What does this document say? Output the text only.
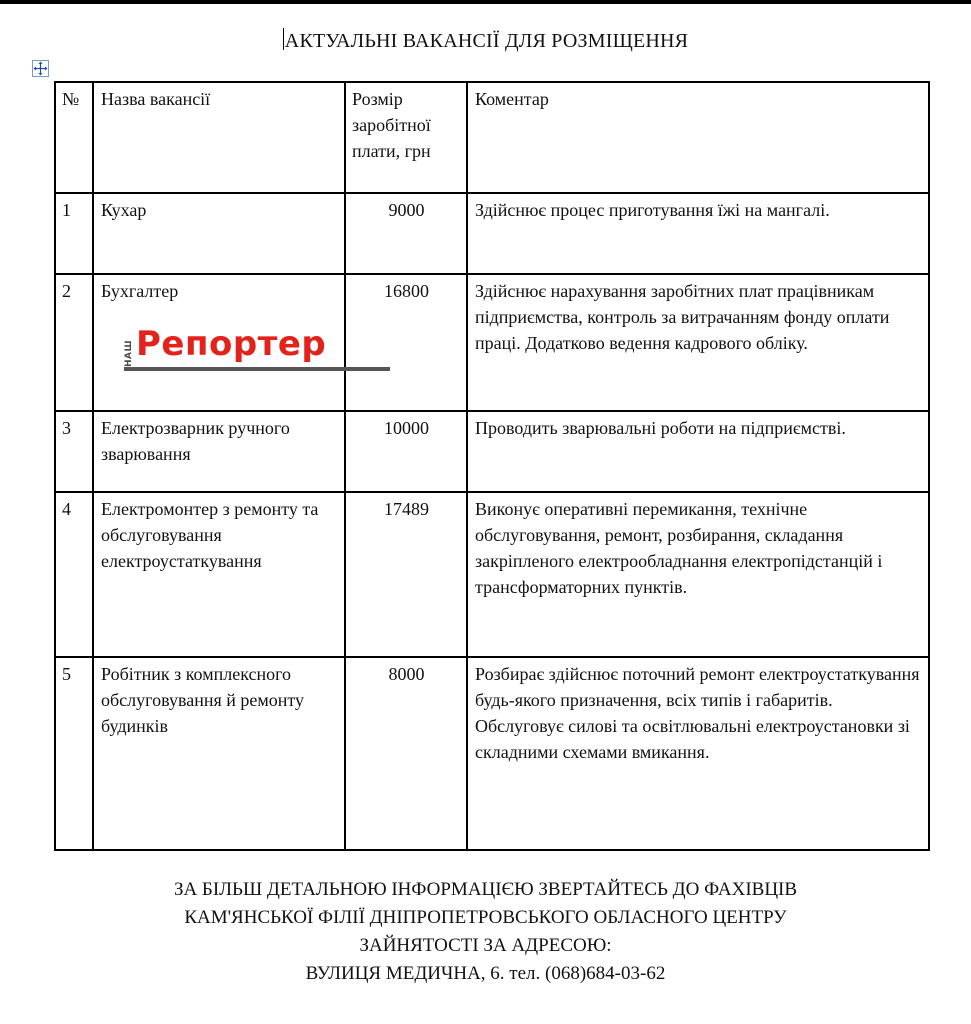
АКТУАЛЬНІ ВАКАНСІЇ ДЛЯ РОЗМІЩЕННЯ
№	Назва вакансії	Розмір заробітної плати, грн	Коментар
1	Кухар	9000	Здійснює процес приготування їжі на мангалі.
2	Бухгалтер	16800	Здійснює нарахування заробітних плат працівникам підприємства, контроль за витрачанням фонду оплати праці. Додатково ведення кадрового обліку.
3	Електрозварник ручного зварювання	10000	Проводить зварювальні роботи на підприємстві.
4	Електромонтер з ремонту та обслуговування електроустаткування	17489	Виконує оперативні перемикання, технічне обслуговування, ремонт, розбирання, складання закріпленого електрообладнання електропідстанцій і трансформаторних пунктів.
5	Робітник з комплексного обслуговування й ремонту будинків	8000	Розбирає здійснює поточний ремонт електроустаткування будь-якого призначення, всіх типів і габаритів. Обслуговує силові та освітлювальні електроустановки зі складними схемами вмикання.
НАШ Репортер
ЗА БІЛЬШ ДЕТАЛЬНОЮ ІНФОРМАЦІЄЮ ЗВЕРТАЙТЕСЬ ДО ФАХІВЦІВ
КАМ'ЯНСЬКОЇ ФІЛІЇ ДНІПРОПЕТРОВСЬКОГО ОБЛАСНОГО ЦЕНТРУ
ЗАЙНЯТОСТІ ЗА АДРЕСОЮ:
ВУЛИЦЯ МЕДИЧНА, 6. тел. (068)684-03-62
